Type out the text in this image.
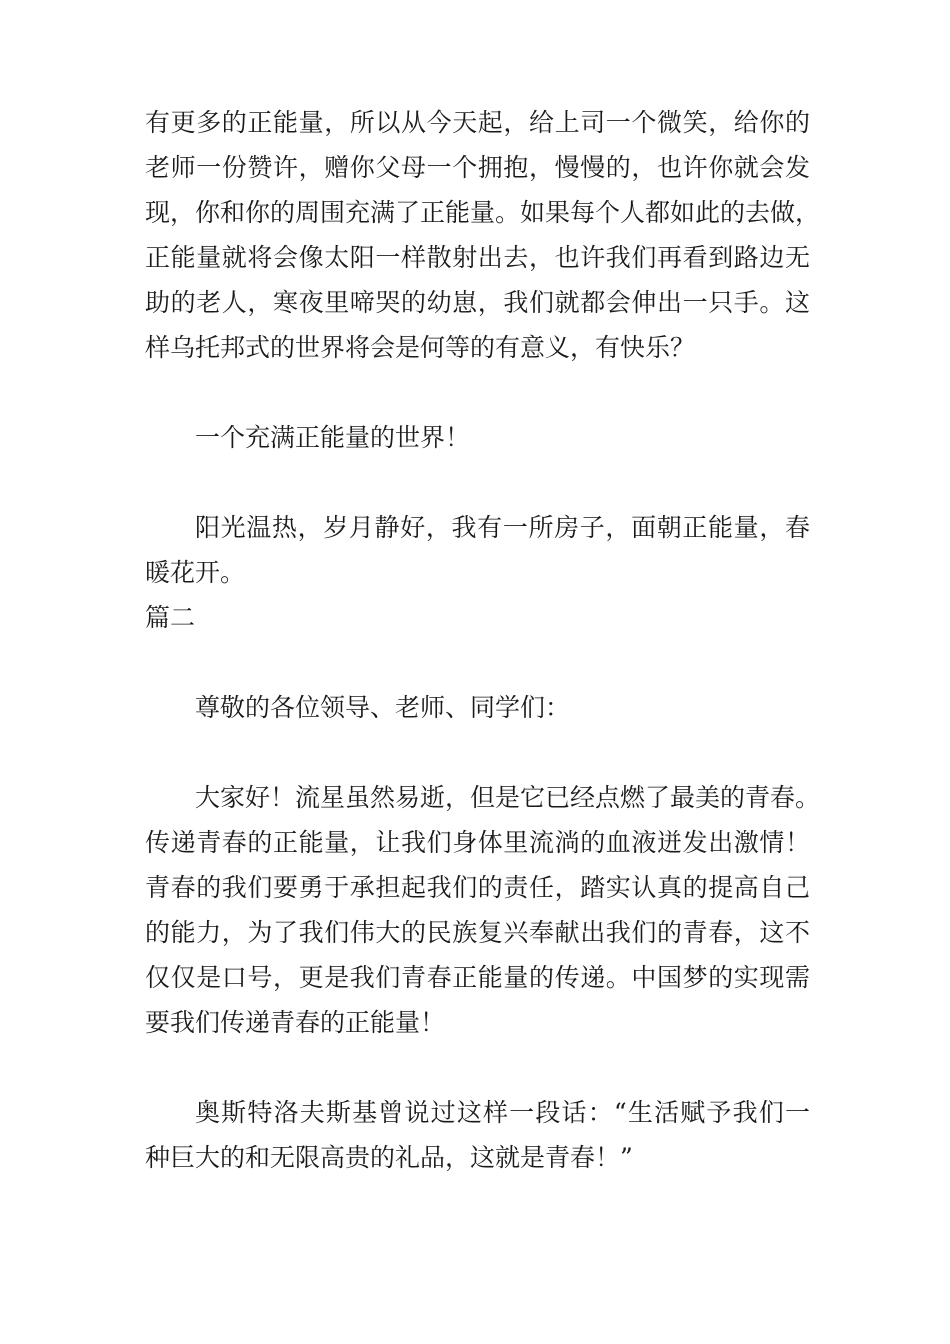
有更多的正能量，所以从今天起，给上司一个微笑，给你的
老师一份赞许，赠你父母一个拥抱，慢慢的，也许你就会发
现，你和你的周围充满了正能量。如果每个人都如此的去做，
正能量就将会像太阳一样散射出去，也许我们再看到路边无
助的老人，寒夜里啼哭的幼崽，我们就都会伸出一只手。这
样乌托邦式的世界将会是何等的有意义，有快乐？
一个充满正能量的世界！
阳光温热，岁月静好，我有一所房子，面朝正能量，春
暖花开。
篇二
尊敬的各位领导、老师、同学们：
大家好！流星虽然易逝，但是它已经点燃了最美的青春。
传递青春的正能量，让我们身体里流淌的血液迸发出激情！
青春的我们要勇于承担起我们的责任，踏实认真的提高自己
的能力，为了我们伟大的民族复兴奉献出我们的青春，这不
仅仅是口号，更是我们青春正能量的传递。中国梦的实现需
要我们传递青春的正能量！
奥斯特洛夫斯基曾说过这样一段话：“生活赋予我们一
种巨大的和无限高贵的礼品，这就是青春！”
